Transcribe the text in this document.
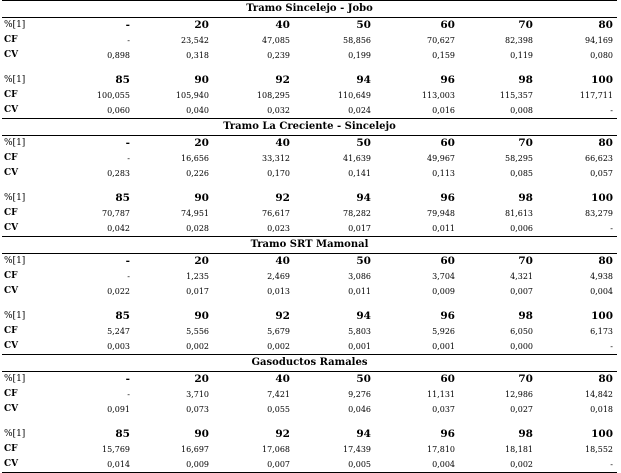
Tramo Sincelejo - Jobo
%[1]	-	20	40	50	60	70	80
CF	-	23,542	47,085	58,856	70,627	82,398	94,169
CV	0,898	0,318	0,239	0,199	0,159	0,119	0,080
%[1]	85	90	92	94	96	98	100
CF	100,055	105,940	108,295	110,649	113,003	115,357	117,711
CV	0,060	0,040	0,032	0,024	0,016	0,008	-
Tramo La Creciente - Sincelejo
%[1]	-	20	40	50	60	70	80
CF	-	16,656	33,312	41,639	49,967	58,295	66,623
CV	0,283	0,226	0,170	0,141	0,113	0,085	0,057
%[1]	85	90	92	94	96	98	100
CF	70,787	74,951	76,617	78,282	79,948	81,613	83,279
CV	0,042	0,028	0,023	0,017	0,011	0,006	-
Tramo SRT Mamonal
%[1]	-	20	40	50	60	70	80
CF	-	1,235	2,469	3,086	3,704	4,321	4,938
CV	0,022	0,017	0,013	0,011	0,009	0,007	0,004
%[1]	85	90	92	94	96	98	100
CF	5,247	5,556	5,679	5,803	5,926	6,050	6,173
CV	0,003	0,002	0,002	0,001	0,001	0,000	-
Gasoductos Ramales
%[1]	-	20	40	50	60	70	80
CF	-	3,710	7,421	9,276	11,131	12,986	14,842
CV	0,091	0,073	0,055	0,046	0,037	0,027	0,018
%[1]	85	90	92	94	96	98	100
CF	15,769	16,697	17,068	17,439	17,810	18,181	18,552
CV	0,014	0,009	0,007	0,005	0,004	0,002	-
